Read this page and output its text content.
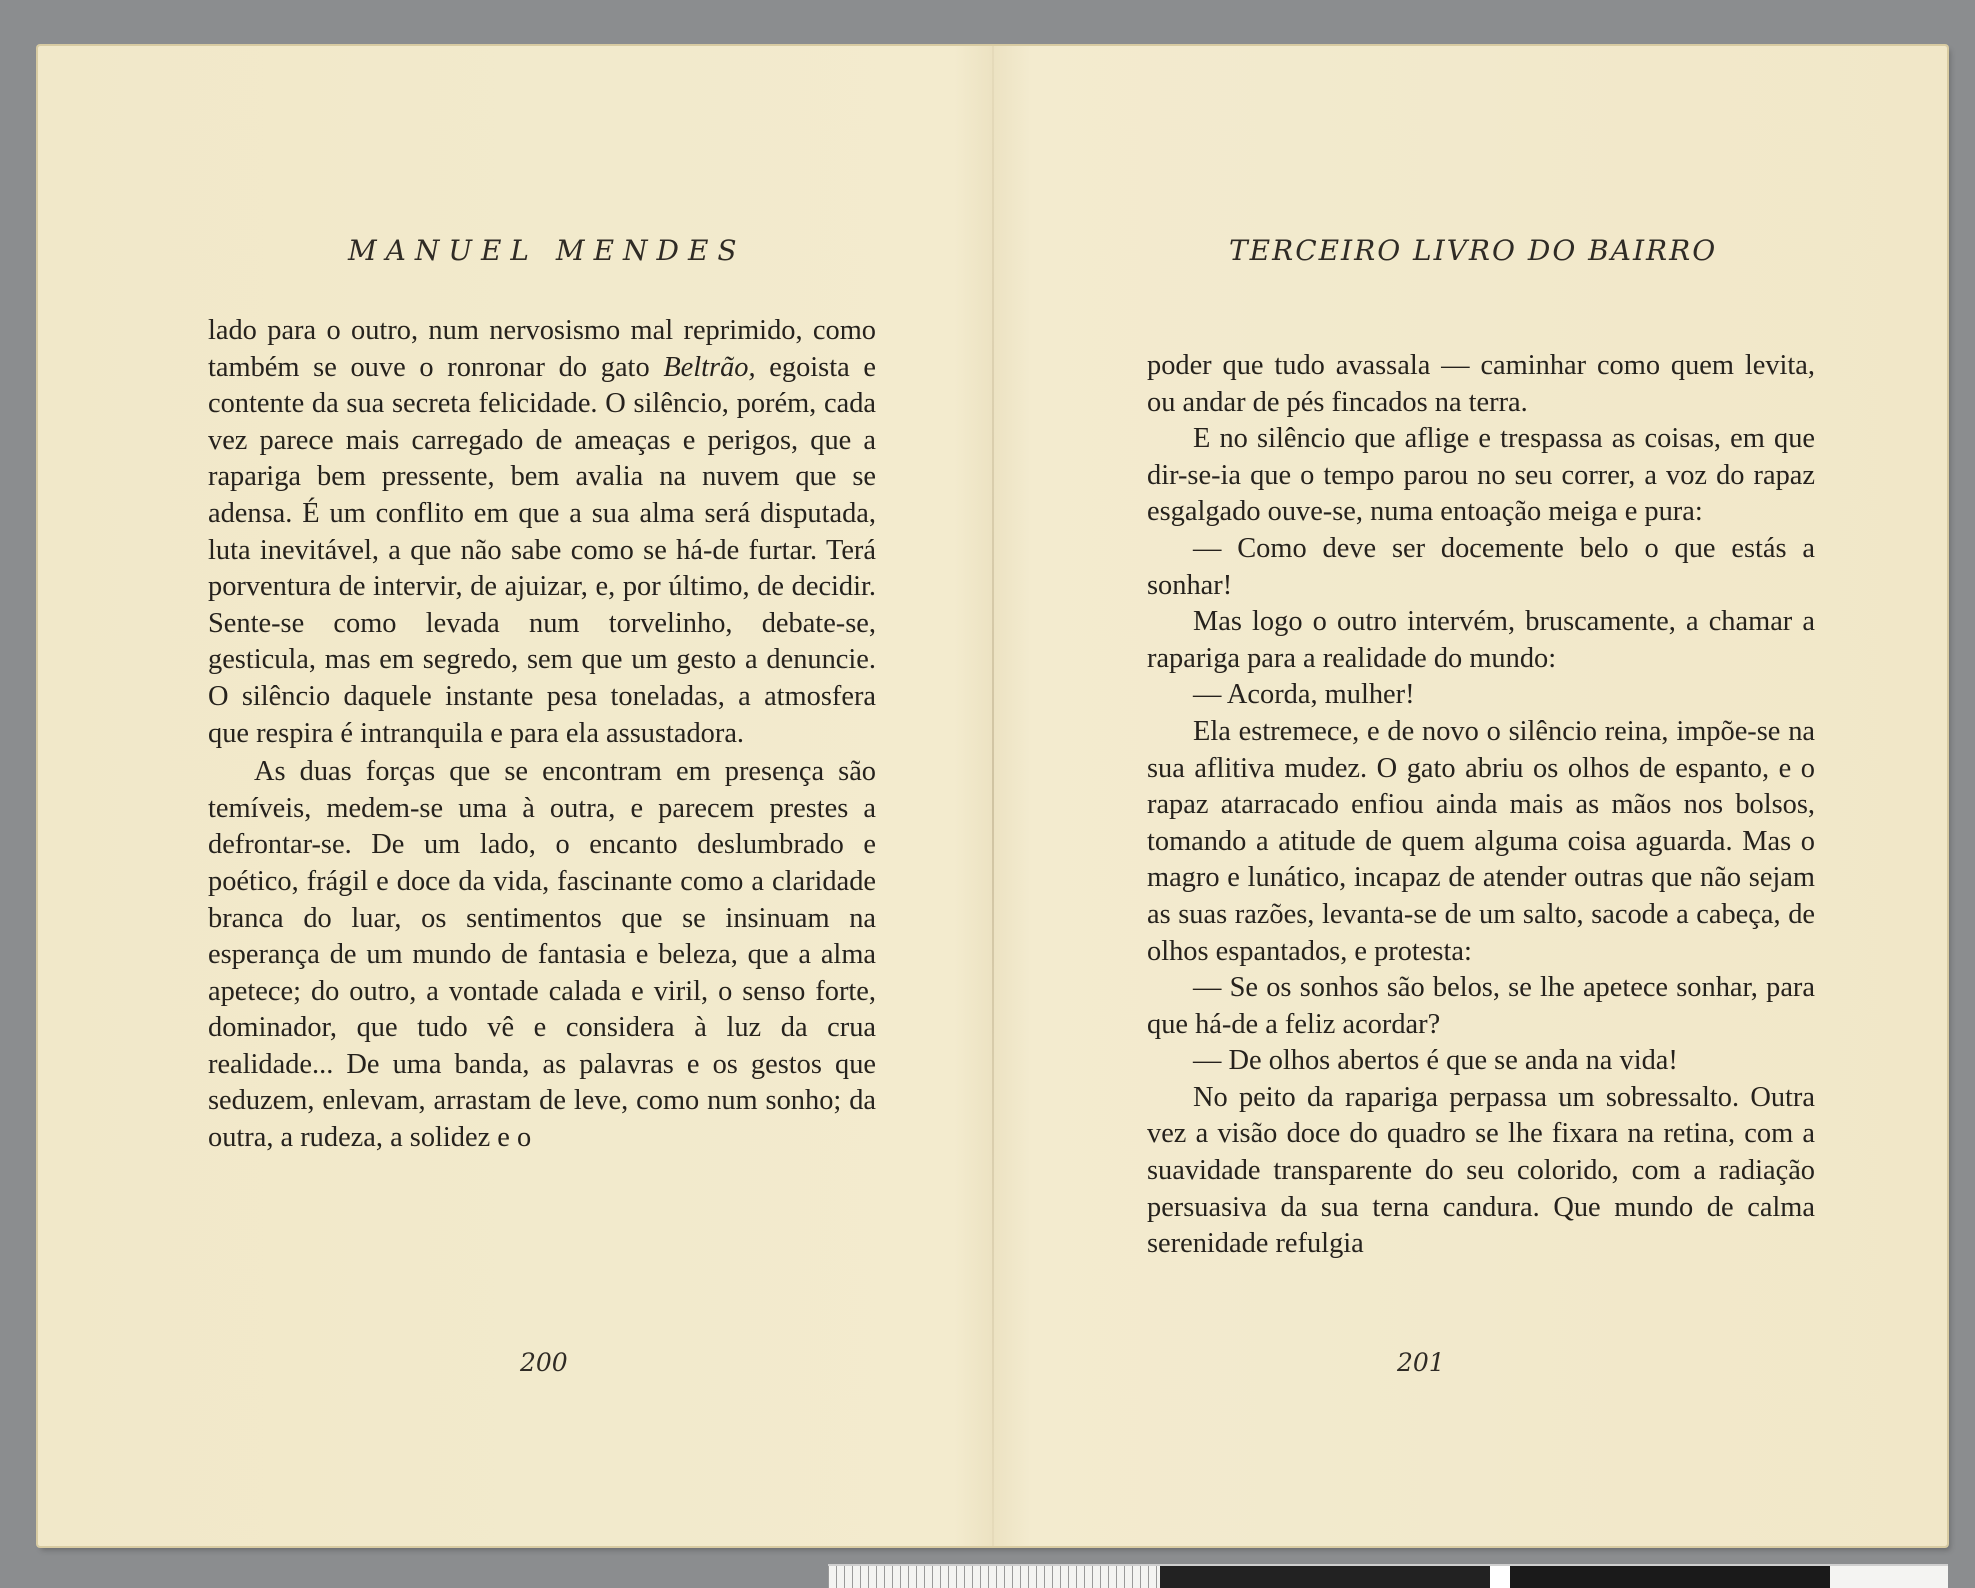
MANUEL MENDES

lado para o outro, num nervosismo mal reprimido, como também se ouve o ronronar do gato Beltrão, egoista e contente da sua secreta felicidade. O silêncio, porém, cada vez parece mais carregado de ameaças e perigos, que a rapariga bem pressente, bem avalia na nuvem que se adensa. É um conflito em que a sua alma será disputada, luta inevitável, a que não sabe como se há-de furtar. Terá porventura de intervir, de ajuizar, e, por último, de decidir. Sente-se como levada num torvelinho, debate-se, gesticula, mas em segredo, sem que um gesto a denuncie. O silêncio daquele instante pesa toneladas, a atmosfera que respira é intranquila e para ela assustadora.

As duas forças que se encontram em presença são temíveis, medem-se uma à outra, e parecem prestes a defrontar-se. De um lado, o encanto deslumbrado e poético, frágil e doce da vida, fascinante como a claridade branca do luar, os sentimentos que se insinuam na esperança de um mundo de fantasia e beleza, que a alma apetece; do outro, a vontade calada e viril, o senso forte, dominador, que tudo vê e considera à luz da crua realidade... De uma banda, as palavras e os gestos que seduzem, enlevam, arrastam de leve, como num sonho; da outra, a rudeza, a solidez e o

200
TERCEIRO LIVRO DO BAIRRO

poder que tudo avassala — caminhar como quem levita, ou andar de pés fincados na terra.

E no silêncio que aflige e trespassa as coisas, em que dir-se-ia que o tempo parou no seu correr, a voz do rapaz esgalgado ouve-se, numa entoação meiga e pura:

— Como deve ser docemente belo o que estás a sonhar!

Mas logo o outro intervém, bruscamente, a chamar a rapariga para a realidade do mundo:

— Acorda, mulher!

Ela estremece, e de novo o silêncio reina, impõe-se na sua aflitiva mudez. O gato abriu os olhos de espanto, e o rapaz atarracado enfiou ainda mais as mãos nos bolsos, tomando a atitude de quem alguma coisa aguarda. Mas o magro e lunático, incapaz de atender outras que não sejam as suas razões, levanta-se de um salto, sacode a cabeça, de olhos espantados, e protesta:

— Se os sonhos são belos, se lhe apetece sonhar, para que há-de a feliz acordar?

— De olhos abertos é que se anda na vida!

No peito da rapariga perpassa um sobressalto. Outra vez a visão doce do quadro se lhe fixara na retina, com a suavidade transparente do seu colorido, com a radiação persuasiva da sua terna candura. Que mundo de calma serenidade refulgia

201
